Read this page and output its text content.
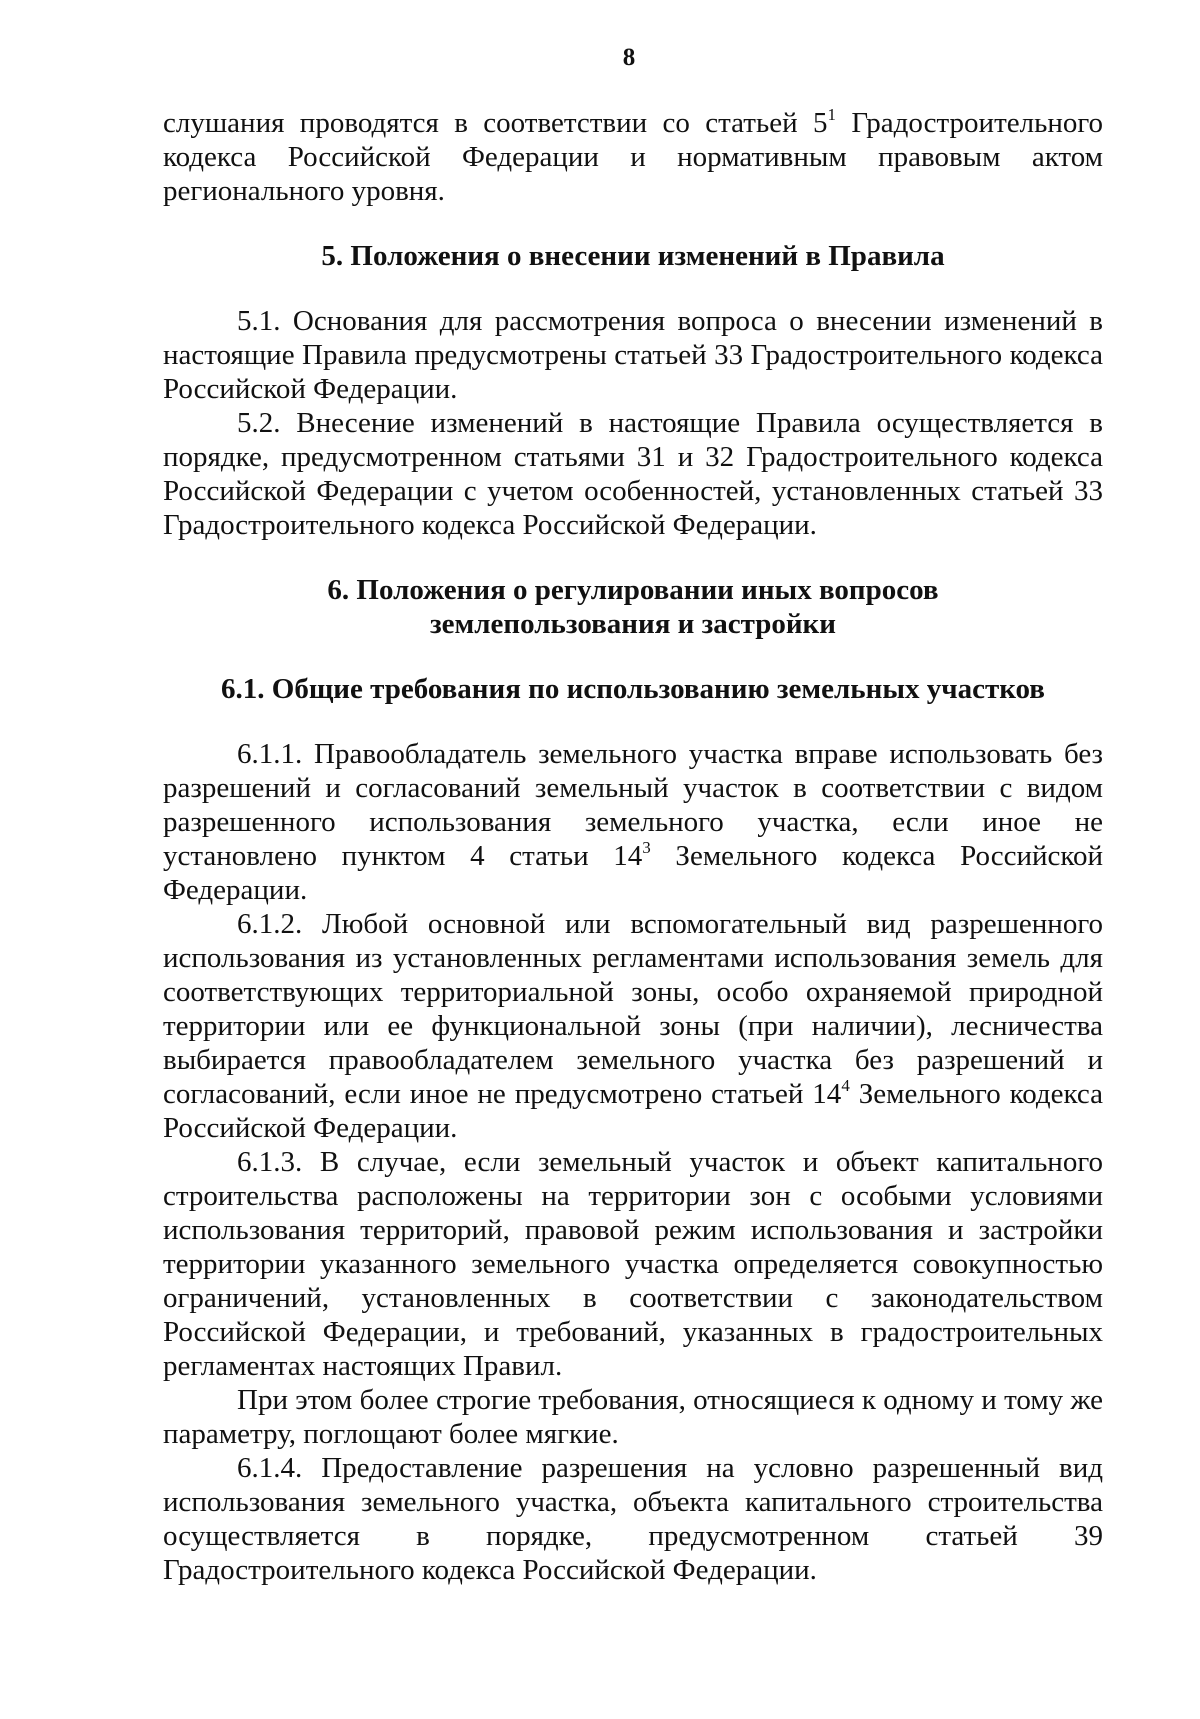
8

слушания проводятся в соответствии со статьей $5^1$ Градостроительного кодекса Российской Федерации и нормативным правовым актом регионального уровня.

5. Положения о внесении изменений в Правила

5.1. Основания для рассмотрения вопроса о внесении изменений в настоящие Правила предусмотрены статьей 33 Градостроительного кодекса Российской Федерации.

5.2. Внесение изменений в настоящие Правила осуществляется в порядке, предусмотренном статьями 31 и 32 Градостроительного кодекса Российской Федерации с учетом особенностей, установленных статьей 33 Градостроительного кодекса Российской Федерации.

6. Положения о регулировании иных вопросов
землепользования и застройки
6.1. Общие требования по использованию земельных участков

6.1.1. Правообладатель земельного участка вправе использовать без разрешений и согласований земельный участок в соответствии с видом разрешенного использования земельного участка, если иное не установлено пунктом 4 статьи $14^3$ Земельного кодекса Российской Федерации.

6.1.2. Любой основной или вспомогательный вид разрешенного использования из установленных регламентами использования земель для соответствующих территориальной зоны, особо охраняемой природной территории или ее функциональной зоны (при наличии), лесничества выбирается правообладателем земельного участка без разрешений и согласований, если иное не предусмотрено статьей $14^4$ Земельного кодекса Российской Федерации.

6.1.3. В случае, если земельный участок и объект капитального строительства расположены на территории зон с особыми условиями использования территорий, правовой режим использования и застройки территории указанного земельного участка определяется совокупностью ограничений, установленных в соответствии с законодательством Российской Федерации, и требований, указанных в градостроительных регламентах настоящих Правил.

При этом более строгие требования, относящиеся к одному и тому же параметру, поглощают более мягкие.

6.1.4. Предоставление разрешения на условно разрешенный вид использования земельного участка, объекта капитального строительства осуществляется в порядке, предусмотренном статьей 39 Градостроительного кодекса Российской Федерации.
